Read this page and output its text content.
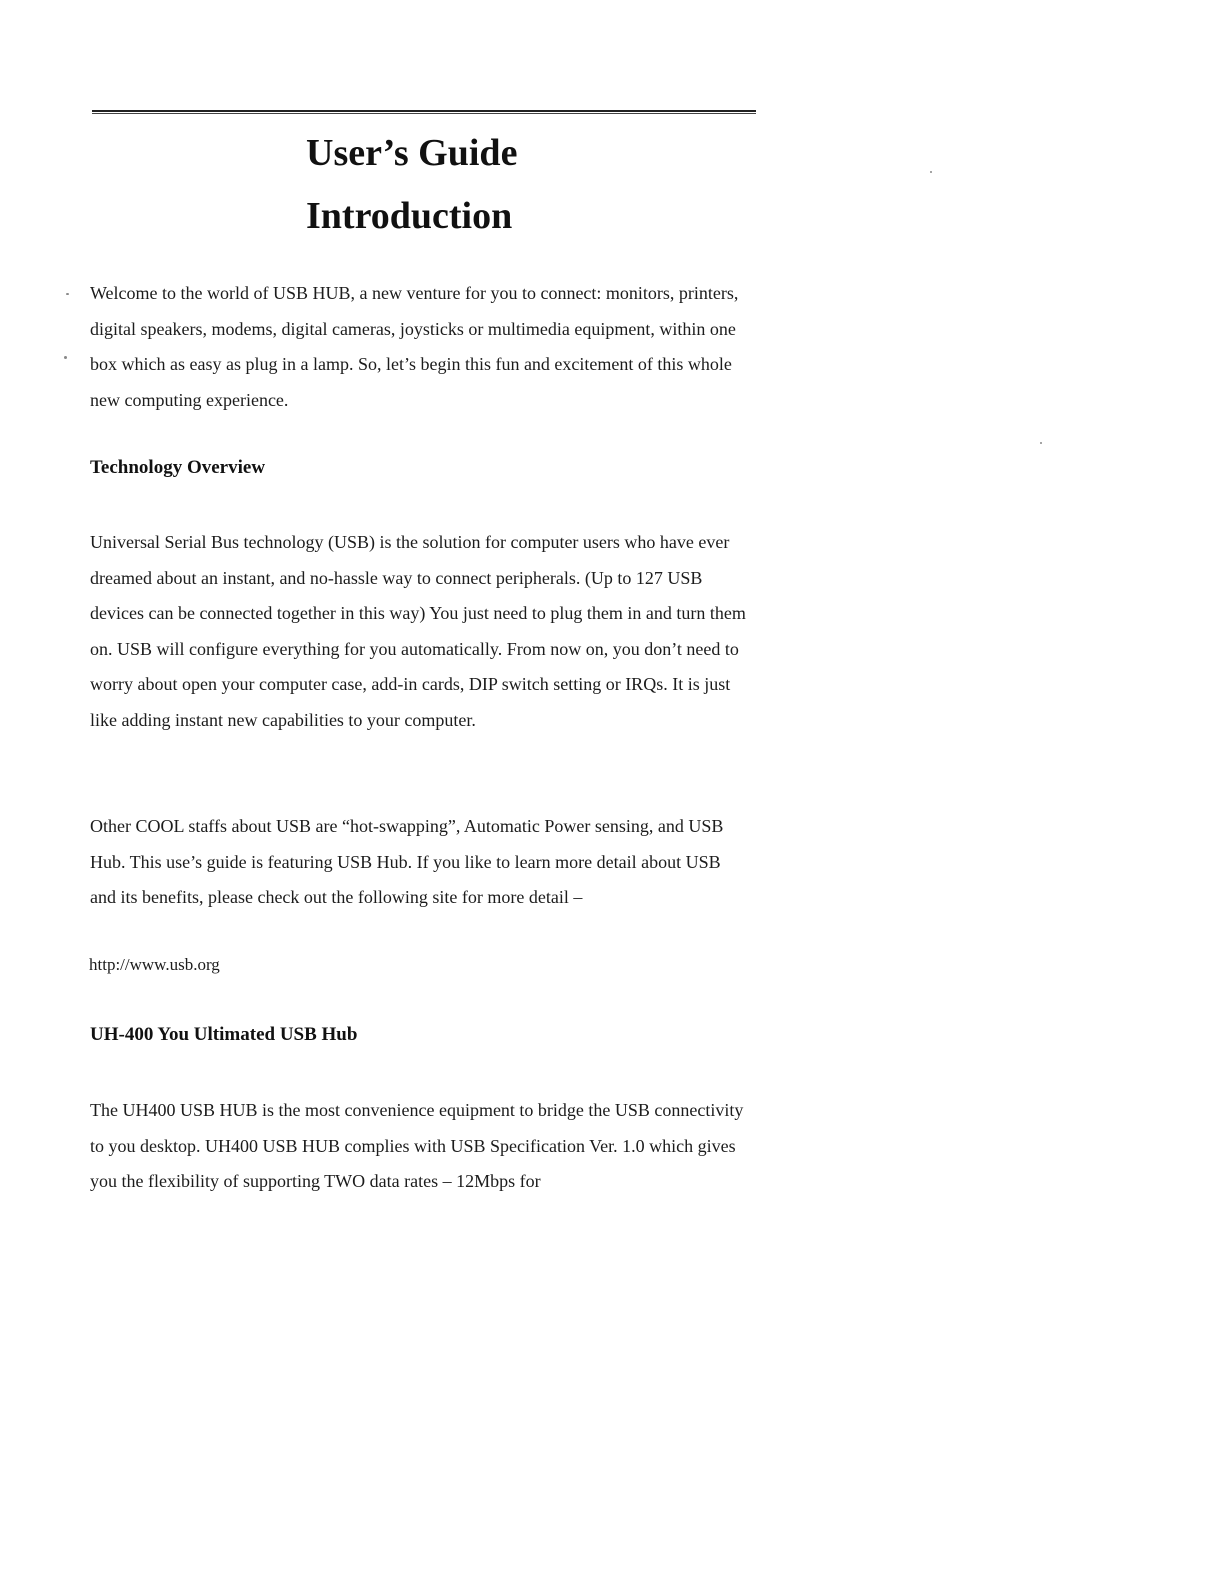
User’s Guide
Introduction

Welcome to the world of USB HUB, a new venture for you to connect: monitors, printers, digital speakers, modems, digital cameras, joysticks or multimedia equipment, within one box which as easy as plug in a lamp. So, let’s begin this fun and excitement of this whole new computing experience.

Technology Overview

Universal Serial Bus technology (USB) is the solution for computer users who have ever dreamed about an instant, and no-hassle way to connect peripherals. (Up to 127 USB devices can be connected together in this way) You just need to plug them in and turn them on. USB will configure everything for you automatically. From now on, you don’t need to worry about open your computer case, add-in cards, DIP switch setting or IRQs. It is just like adding instant new capabilities to your computer.

Other COOL staffs about USB are “hot-swapping”, Automatic Power sensing, and USB Hub. This use’s guide is featuring USB Hub. If you like to learn more detail about USB and its benefits, please check out the following site for more detail –

http://www.usb.org

UH-400 You Ultimated USB Hub

The UH400 USB HUB is the most convenience equipment to bridge the USB connectivity to you desktop. UH400 USB HUB complies with USB Specification Ver. 1.0 which gives you the flexibility of supporting TWO data rates – 12Mbps for
